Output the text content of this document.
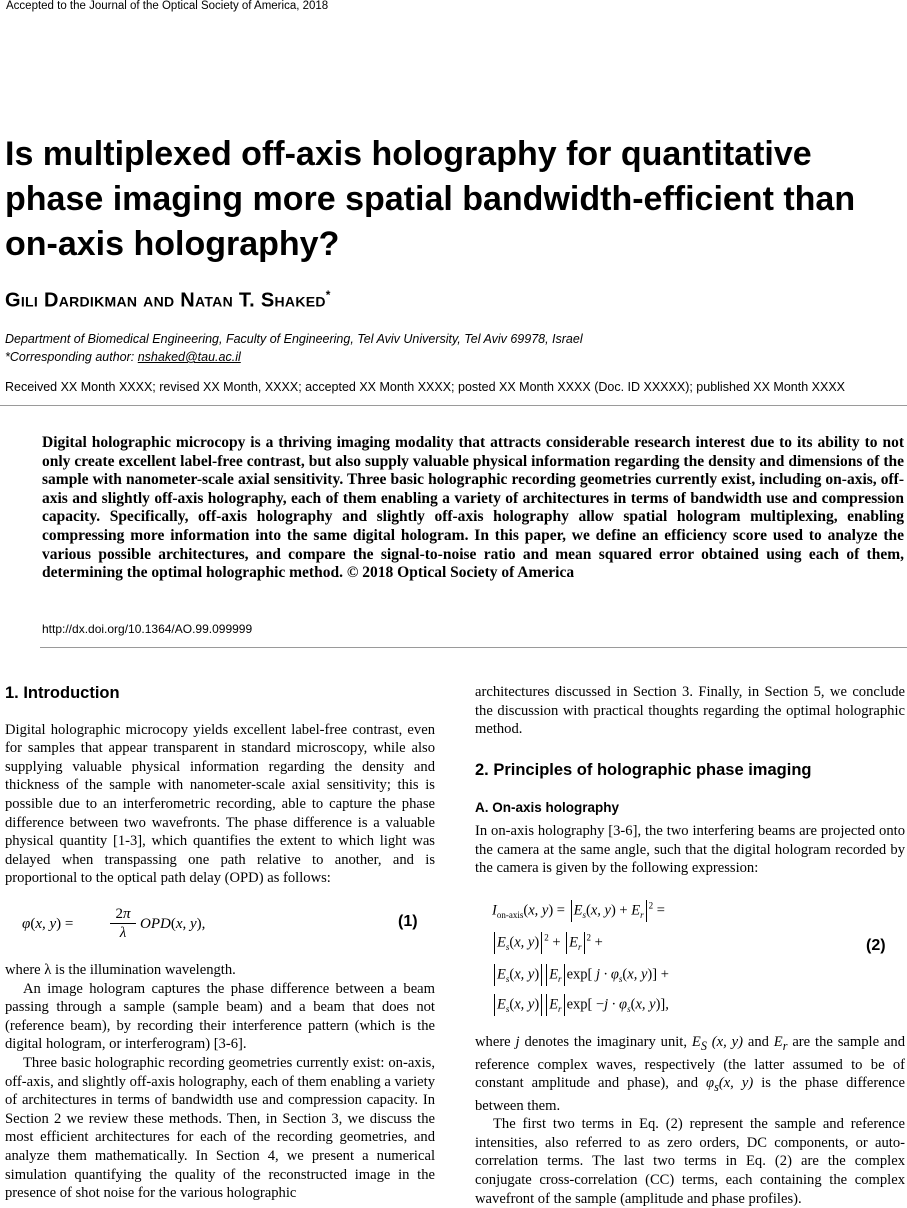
Accepted to the Journal of the Optical Society of America, 2018
Is multiplexed off-axis holography for quantitative phase imaging more spatial bandwidth-efficient than on-axis holography?
Gili Dardikman and Natan T. Shaked*
Department of Biomedical Engineering, Faculty of Engineering, Tel Aviv University, Tel Aviv 69978, Israel
*Corresponding author: nshaked@tau.ac.il
Received XX Month XXXX; revised XX Month, XXXX; accepted XX Month XXXX; posted XX Month XXXX (Doc. ID XXXXX); published XX Month XXXX

Digital holographic microcopy is a thriving imaging modality that attracts considerable research interest due to its ability to not only create excellent label-free contrast, but also supply valuable physical information regarding the density and dimensions of the sample with nanometer-scale axial sensitivity. Three basic holographic recording geometries currently exist, including on-axis, off-axis and slightly off-axis holography, each of them enabling a variety of architectures in terms of bandwidth use and compression capacity. Specifically, off-axis holography and slightly off-axis holography allow spatial hologram multiplexing, enabling compressing more information into the same digital hologram. In this paper, we define an efficiency score used to analyze the various possible architectures, and compare the signal-to-noise ratio and mean squared error obtained using each of them, determining the optimal holographic method. © 2018 Optical Society of America

http://dx.doi.org/10.1364/AO.99.099999
1. Introduction

Digital holographic microcopy yields excellent label-free contrast, even for samples that appear transparent in standard microscopy, while also supplying valuable physical information regarding the density and thickness of the sample with nanometer-scale axial sensitivity; this is possible due to an interferometric recording, able to capture the phase difference between two wavefronts. The phase difference is a valuable physical quantity [1-3], which quantifies the extent to which light was delayed when transpassing one path relative to another, and is proportional to the optical path delay (OPD) as follows:

φ(x, y) =
2π
λ
OPD(x, y),	(1)

where λ is the illumination wavelength.

An image hologram captures the phase difference between a beam passing through a sample (sample beam) and a beam that does not (reference beam), by recording their interference pattern (which is the digital hologram, or interferogram) [3-6].

Three basic holographic recording geometries currently exist: on-axis, off-axis, and slightly off-axis holography, each of them enabling a variety of architectures in terms of bandwidth use and compression capacity. In Section 2 we review these methods. Then, in Section 3, we discuss the most efficient architectures for each of the recording geometries, and analyze them mathematically. In Section 4, we present a numerical simulation quantifying the quality of the reconstructed image in the presence of shot noise for the various holographic

architectures discussed in Section 3. Finally, in Section 5, we conclude the discussion with practical thoughts regarding the optimal holographic method.

2. Principles of holographic phase imaging
A. On-axis holography

In on-axis holography [3-6], the two interfering beams are projected onto the camera at the same angle, such that the digital hologram recorded by the camera is given by the following expression:

$I_{on-axis}(x$, $y) = E_s(x$, $y) + E_r^2$ =
$E_s(x$, y) $^2 + E_r^2$ +
$E_s(x$, y) $E_r$ exp[ $j \cdot \varphi_s(x$, y)] +
$E_s(x$, y) $E_r$ $\exp[ -j \cdot \varphi_s(x$, y)],
(2)

where j denotes the imaginary unit, $E_S$ (x, y) and $E_r$ are the sample and reference complex waves, respectively (the latter assumed to be of constant amplitude and phase), and $\varphi_s(x$, y) is the phase difference between them.

The first two terms in Eq. (2) represent the sample and reference intensities, also referred to as zero orders, DC components, or auto-correlation terms. The last two terms in Eq. (2) are the complex conjugate cross-correlation (CC) terms, each containing the complex wavefront of the sample (amplitude and phase profiles).
